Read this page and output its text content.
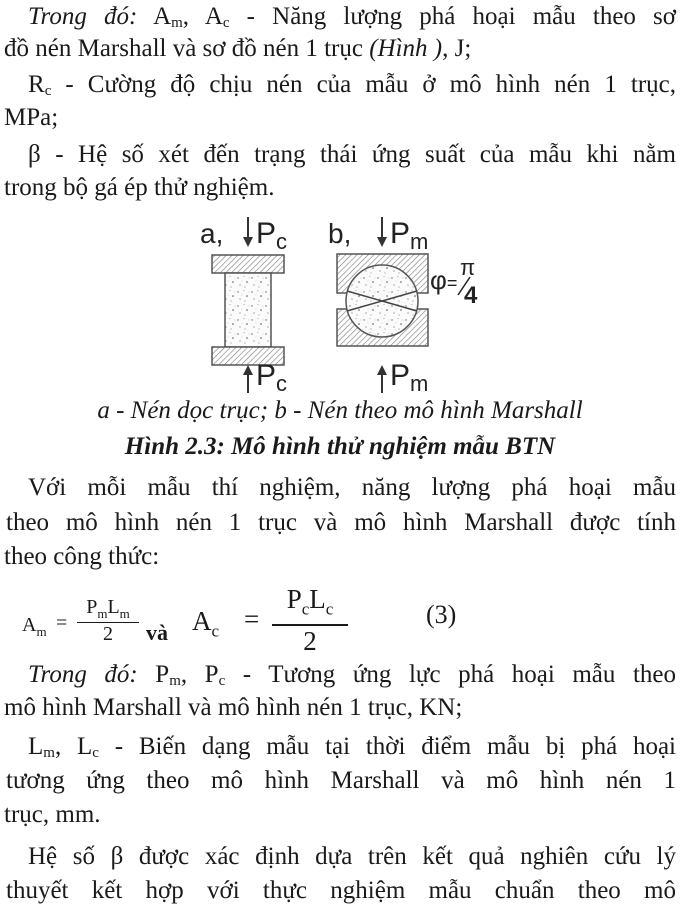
Trong đó: $A_m$, $A_c$ - Năng lượng phá hoại mẫu theo sơ
đồ nén Marshall và sơ đồ nén 1 trục (Hình ), J;
$R_c$ - Cường độ chịu nén của mẫu ở mô hình nén 1 trục,
MPa;
β - Hệ số xét đến trạng thái ứng suất của mẫu khi nằm
trong bộ gá ép thử nghiệm.
a, $P_c$
$P_c$
b, $P_m$
φ=
π
4
$P_m$
a - Nén dọc trục; b - Nén theo mô hình Marshall
Hình 2.3: Mô hình thử nghiệm mẫu BTN
Với mỗi mẫu thí nghiệm, năng lượng phá hoại mẫu
theo mô hình nén 1 trục và mô hình Marshall được tính
theo công thức:
$A_m$ =
$P_mL_m$
2	và $A_c$ =
$P_cL_c$
2
(3)
Trong đó: $P_m$, $P_c$ - Tương ứng lực phá hoại mẫu theo
mô hình Marshall và mô hình nén 1 trục, KN;
$L_m$, $L_c$ - Biến dạng mẫu tại thời điểm mẫu bị phá hoại
tương ứng theo mô hình Marshall và mô hình nén 1
trục, mm.
Hệ số β được xác định dựa trên kết quả nghiên cứu lý
thuyết kết hợp với thực nghiệm mẫu chuẩn theo mô
